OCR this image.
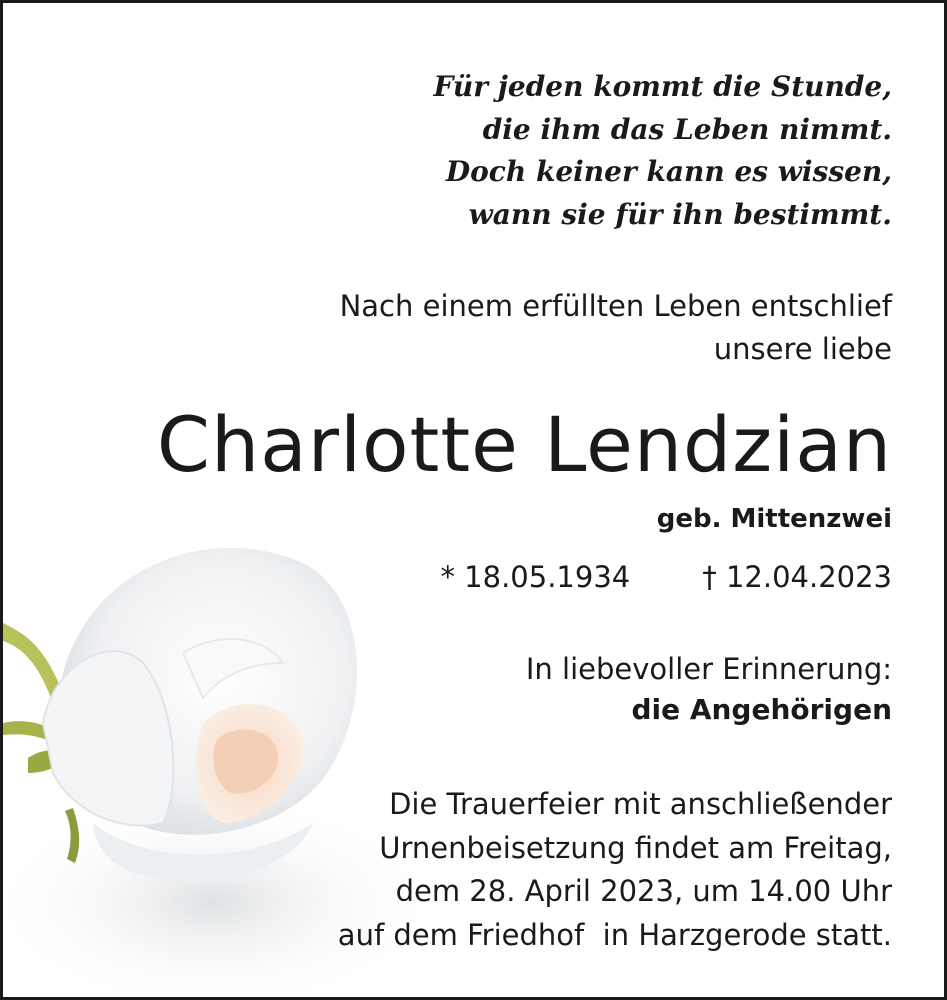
Für jeden kommt die Stunde,
die ihm das Leben nimmt.
Doch keiner kann es wissen,
wann sie für ihn bestimmt.
Nach einem erfüllten Leben entschlief
unsere liebe
Charlotte Lendzian
geb. Mittenzwei
* 18.05.1934 † 12.04.2023
In liebevoller Erinnerung:
die Angehörigen
Die Trauerfeier mit anschließender
Urnenbeisetzung findet am Freitag,
dem 28. April 2023, um 14.00 Uhr
auf dem Friedhof  in Harzgerode statt.
